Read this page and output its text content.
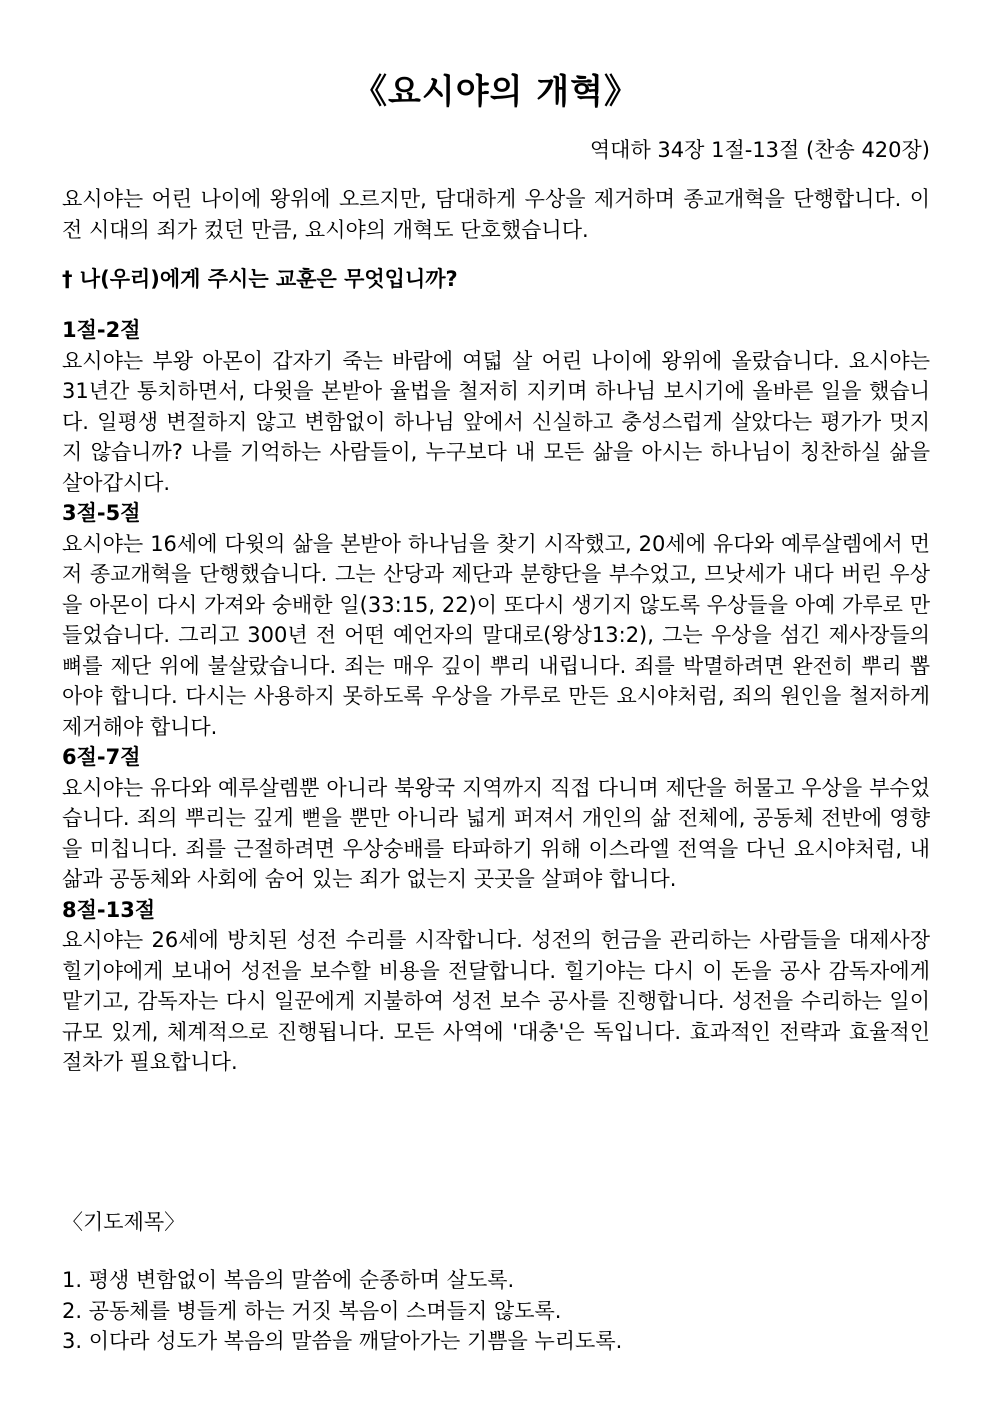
《요시야의 개혁》
역대하 34장 1절-13절 (찬송 420장)
요시야는 어린 나이에 왕위에 오르지만, 담대하게 우상을 제거하며 종교개혁을 단행합니다. 이전 시대의 죄가 컸던 만큼, 요시야의 개혁도 단호했습니다.
† 나(우리)에게 주시는 교훈은 무엇입니까?
1절-2절
요시야는 부왕 아몬이 갑자기 죽는 바람에 여덟 살 어린 나이에 왕위에 올랐습니다. 요시야는 31년간 통치하면서, 다윗을 본받아 율법을 철저히 지키며 하나님 보시기에 올바른 일을 했습니다. 일평생 변절하지 않고 변함없이 하나님 앞에서 신실하고 충성스럽게 살았다는 평가가 멋지지 않습니까? 나를 기억하는 사람들이, 누구보다 내 모든 삶을 아시는 하나님이 칭찬하실 삶을 살아갑시다.
3절-5절
요시야는 16세에 다윗의 삶을 본받아 하나님을 찾기 시작했고, 20세에 유다와 예루살렘에서 먼저 종교개혁을 단행했습니다. 그는 산당과 제단과 분향단을 부수었고, 므낫세가 내다 버린 우상을 아몬이 다시 가져와 숭배한 일(33:15, 22)이 또다시 생기지 않도록 우상들을 아예 가루로 만들었습니다. 그리고 300년 전 어떤 예언자의 말대로(왕상13:2), 그는 우상을 섬긴 제사장들의 뼈를 제단 위에 불살랐습니다. 죄는 매우 깊이 뿌리 내립니다. 죄를 박멸하려면 완전히 뿌리 뽑아야 합니다. 다시는 사용하지 못하도록 우상을 가루로 만든 요시야처럼, 죄의 원인을 철저하게 제거해야 합니다.
6절-7절
요시야는 유다와 예루살렘뿐 아니라 북왕국 지역까지 직접 다니며 제단을 허물고 우상을 부수었습니다. 죄의 뿌리는 깊게 뻗을 뿐만 아니라 넓게 퍼져서 개인의 삶 전체에, 공동체 전반에 영향을 미칩니다. 죄를 근절하려면 우상숭배를 타파하기 위해 이스라엘 전역을 다닌 요시야처럼, 내 삶과 공동체와 사회에 숨어 있는 죄가 없는지 곳곳을 살펴야 합니다.
8절-13절
요시야는 26세에 방치된 성전 수리를 시작합니다. 성전의 헌금을 관리하는 사람들을 대제사장 힐기야에게 보내어 성전을 보수할 비용을 전달합니다. 힐기야는 다시 이 돈을 공사 감독자에게 맡기고, 감독자는 다시 일꾼에게 지불하여 성전 보수 공사를 진행합니다. 성전을 수리하는 일이 규모 있게, 체계적으로 진행됩니다. 모든 사역에 '대충'은 독입니다. 효과적인 전략과 효율적인 절차가 필요합니다.
〈기도제목〉
1. 평생 변함없이 복음의 말씀에 순종하며 살도록.
2. 공동체를 병들게 하는 거짓 복음이 스며들지 않도록.
3. 이다라 성도가 복음의 말씀을 깨달아가는 기쁨을 누리도록.
